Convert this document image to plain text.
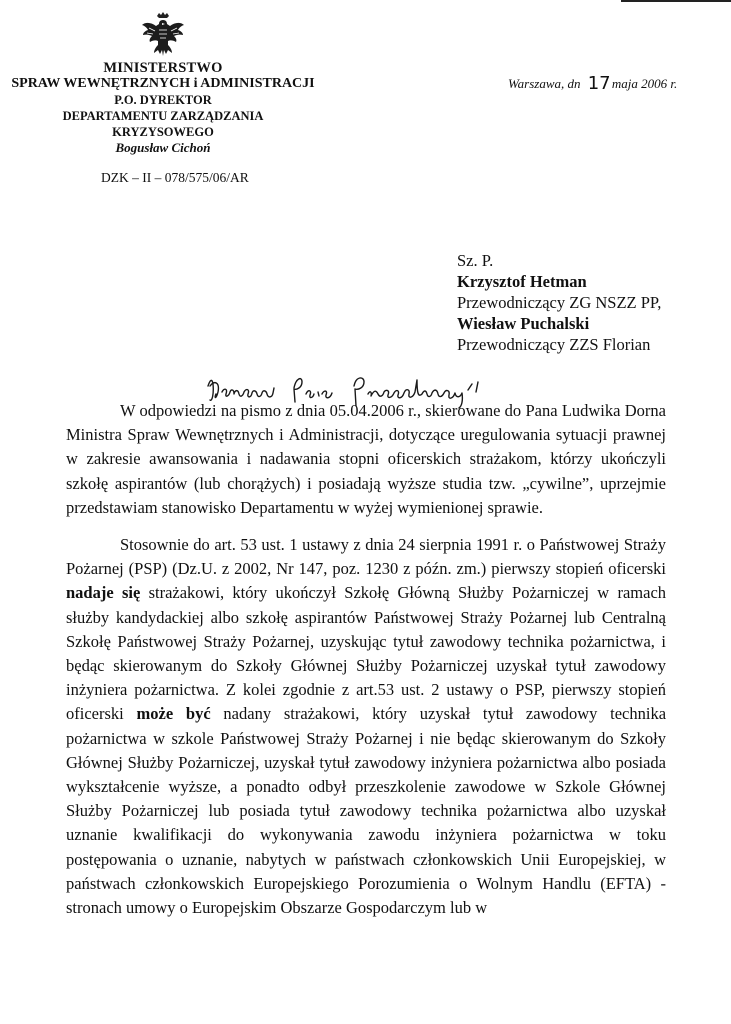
MINISTERSTWO
SPRAW WEWNĘTRZNYCH i ADMINISTRACJI
P.O. DYREKTOR
DEPARTAMENTU ZARZĄDZANIA
KRYZYSOWEGO
Bogusław Cichoń
DZK – II – 078/575/06/AR
Warszawa, dn 17 maja 2006 r.
Sz. P.
Krzysztof Hetman
Przewodniczący ZG NSZZ PP,
Wiesław Puchalski
Przewodniczący ZZS Florian

W odpowiedzi na pismo z dnia 05.04.2006 r., skierowane do Pana Ludwika Dorna Ministra Spraw Wewnętrznych i Administracji, dotyczące uregulowania sytuacji prawnej w zakresie awansowania i nadawania stopni oficerskich strażakom, którzy ukończyli szkołę aspirantów (lub chorążych) i posiadają wyższe studia tzw. „cywilne”, uprzejmie przedstawiam stanowisko Departamentu w wyżej wymienionej sprawie.

Stosownie do art. 53 ust. 1 ustawy z dnia 24 sierpnia 1991 r. o Państwowej Straży Pożarnej (PSP) (Dz.U. z 2002, Nr 147, poz. 1230 z późn. zm.) pierwszy stopień oficerski nadaje się strażakowi, który ukończył Szkołę Główną Służby Pożarniczej w ramach służby kandydackiej albo szkołę aspirantów Państwowej Straży Pożarnej lub Centralną Szkołę Państwowej Straży Pożarnej, uzyskując tytuł zawodowy technika pożarnictwa, i będąc skierowanym do Szkoły Głównej Służby Pożarniczej uzyskał tytuł zawodowy inżyniera pożarnictwa. Z kolei zgodnie z art.53 ust. 2 ustawy o PSP, pierwszy stopień oficerski może być nadany strażakowi, który uzyskał tytuł zawodowy technika pożarnictwa w szkole Państwowej Straży Pożarnej i nie będąc skierowanym do Szkoły Głównej Służby Pożarniczej, uzyskał tytuł zawodowy inżyniera pożarnictwa albo posiada wykształcenie wyższe, a ponadto odbył przeszkolenie zawodowe w Szkole Głównej Służby Pożarniczej lub posiada tytuł zawodowy technika pożarnictwa albo uzyskał uznanie kwalifikacji do wykonywania zawodu inżyniera pożarnictwa w toku postępowania o uznanie, nabytych w państwach członkowskich Unii Europejskiej, w państwach członkowskich Europejskiego Porozumienia o Wolnym Handlu (EFTA) - stronach umowy o Europejskim Obszarze Gospodarczym lub w
